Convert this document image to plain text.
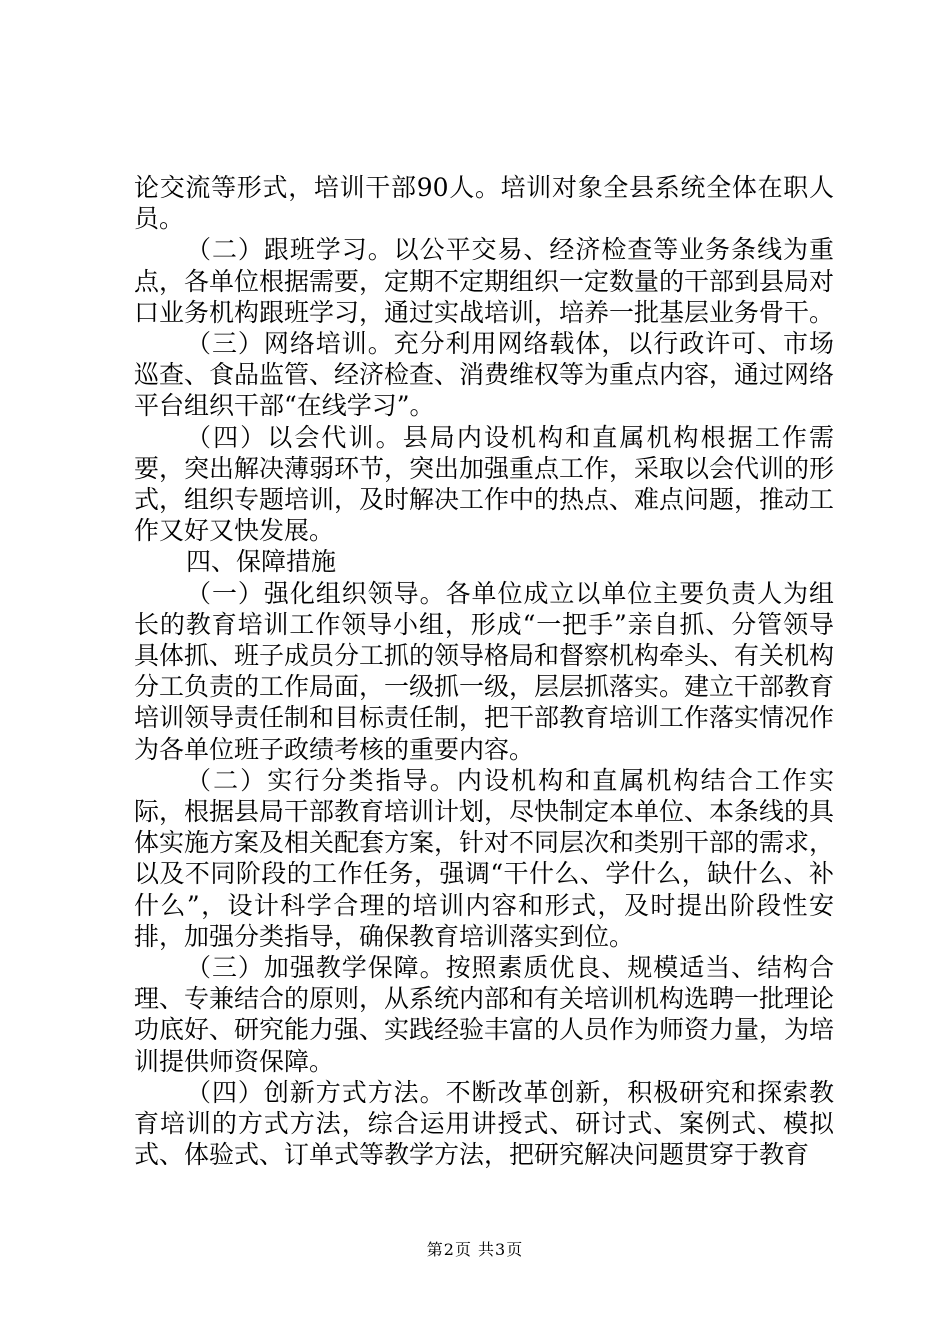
论交流等形式，培训干部90人。培训对象全县系统全体在职人员。

（二）跟班学习。以公平交易、经济检查等业务条线为重点，各单位根据需要，定期不定期组织一定数量的干部到县局对口业务机构跟班学习，通过实战培训，培养一批基层业务骨干。

（三）网络培训。充分利用网络载体，以行政许可、市场巡查、食品监管、经济检查、消费维权等为重点内容，通过网络平台组织干部“在线学习”。

（四）以会代训。县局内设机构和直属机构根据工作需要，突出解决薄弱环节，突出加强重点工作，采取以会代训的形式，组织专题培训，及时解决工作中的热点、难点问题，推动工作又好又快发展。

四、保障措施

（一）强化组织领导。各单位成立以单位主要负责人为组长的教育培训工作领导小组，形成“一把手”亲自抓、分管领导具体抓、班子成员分工抓的领导格局和督察机构牵头、有关机构分工负责的工作局面，一级抓一级，层层抓落实。建立干部教育培训领导责任制和目标责任制，把干部教育培训工作落实情况作为各单位班子政绩考核的重要内容。

（二）实行分类指导。内设机构和直属机构结合工作实际，根据县局干部教育培训计划，尽快制定本单位、本条线的具体实施方案及相关配套方案，针对不同层次和类别干部的需求，以及不同阶段的工作任务，强调“干什么、学什么，缺什么、补什么”，设计科学合理的培训内容和形式，及时提出阶段性安排，加强分类指导，确保教育培训落实到位。

（三）加强教学保障。按照素质优良、规模适当、结构合理、专兼结合的原则，从系统内部和有关培训机构选聘一批理论功底好、研究能力强、实践经验丰富的人员作为师资力量，为培训提供师资保障。

（四）创新方式方法。不断改革创新，积极研究和探索教育培训的方式方法，综合运用讲授式、研讨式、案例式、模拟式、体验式、订单式等教学方法，把研究解决问题贯穿于教育

第2页 共3页
